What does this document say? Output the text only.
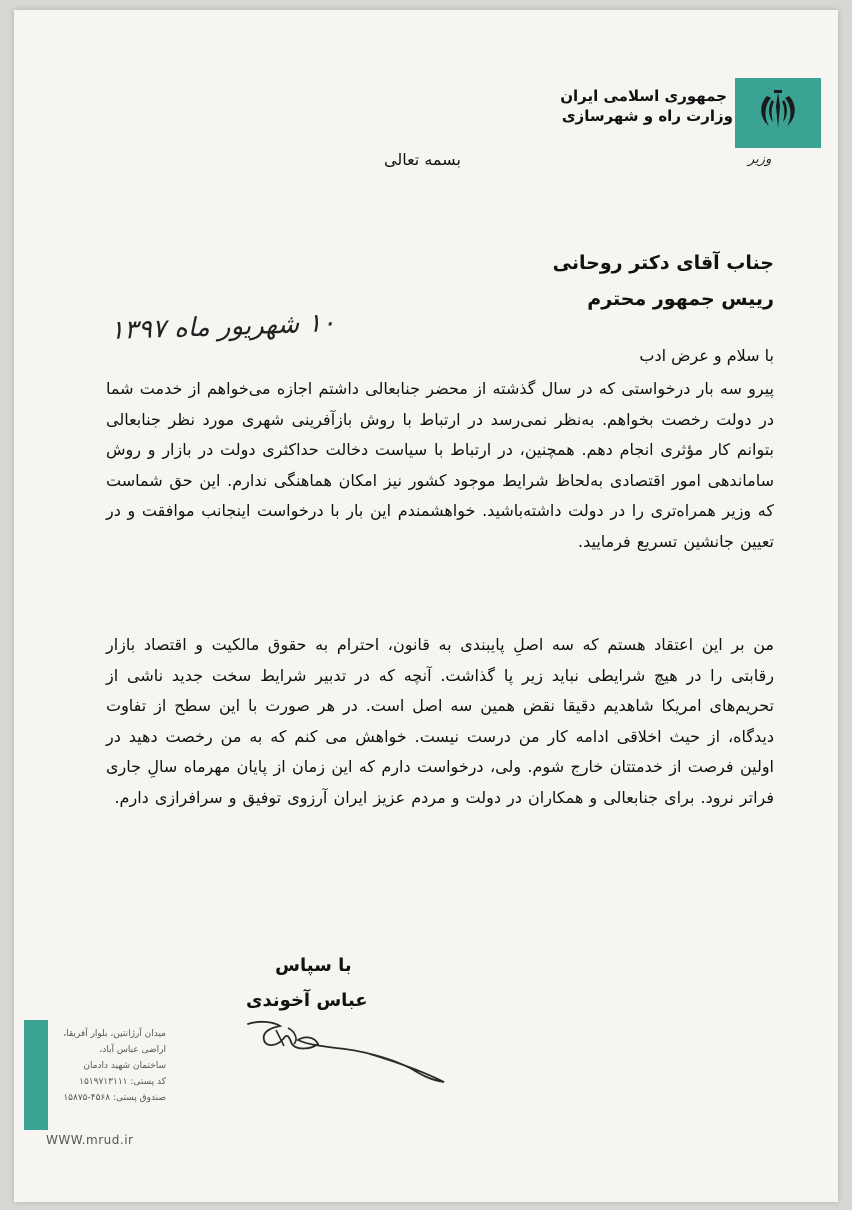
جمهوری اسلامی ایران
وزارت راه و شهرسازی
وزیر
بسمه تعالی
جناب آقای دکتر روحانی
رییس جمهور محترم
۱۰ شهریور ماه ۱۳۹۷
با سلام و عرض ادب
پیرو سه بار درخواستی که در سال گذشته از محضر جنابعالی داشتم اجازه می‌خواهم از خدمت شما در دولت رخصت بخواهم. به‌نظر نمی‌رسد در ارتباط با روش بازآفرینی شهری مورد نظر جنابعالی بتوانم کار مؤثری انجام دهم. همچنین، در ارتباط با سیاست دخالت حداکثری دولت در بازار و روش ساماندهی امور اقتصادی به‌لحاظ شرایط موجود کشور نیز امکان هماهنگی ندارم. این حق شماست که وزیر همراه‌تری را در دولت داشته‌باشید. خواهشمندم این بار با درخواست اینجانب موافقت و در تعیین جانشین تسریع فرمایید.
من بر این اعتقاد هستم که سه اصلِ پایبندی به قانون، احترام به حقوق مالکیت و اقتصاد بازار رقابتی را در هیچ شرایطی نباید زیر پا گذاشت. آنچه که در تدبیر شرایط سخت جدید ناشی از تحریم‌های امریکا شاهدیم دقیقا نقض همین سه اصل است. در هر صورت با این سطح از تفاوت دیدگاه، از حیث اخلاقی ادامه کار من درست نیست. خواهش می کنم که به من رخصت دهید در اولین فرصت از خدمتتان خارج شوم. ولی، درخواست دارم که این زمان از پایان مهرماه سالِ جاری فراتر نرود. برای جنابعالی و همکاران در دولت و مردم عزیز ایران آرزوی توفیق و سرافرازی دارم.
با سپاس
عباس آخوندی
میدان آرژانتین، بلوار آفریقا،
اراضی عباس آباد،
ساختمان شهید دادمان
کد پستی: ۱۵۱۹۷۱۳۱۱۱
صندوق پستی: ۴۵۶۸-۱۵۸۷۵
WWW.mrud.ir
